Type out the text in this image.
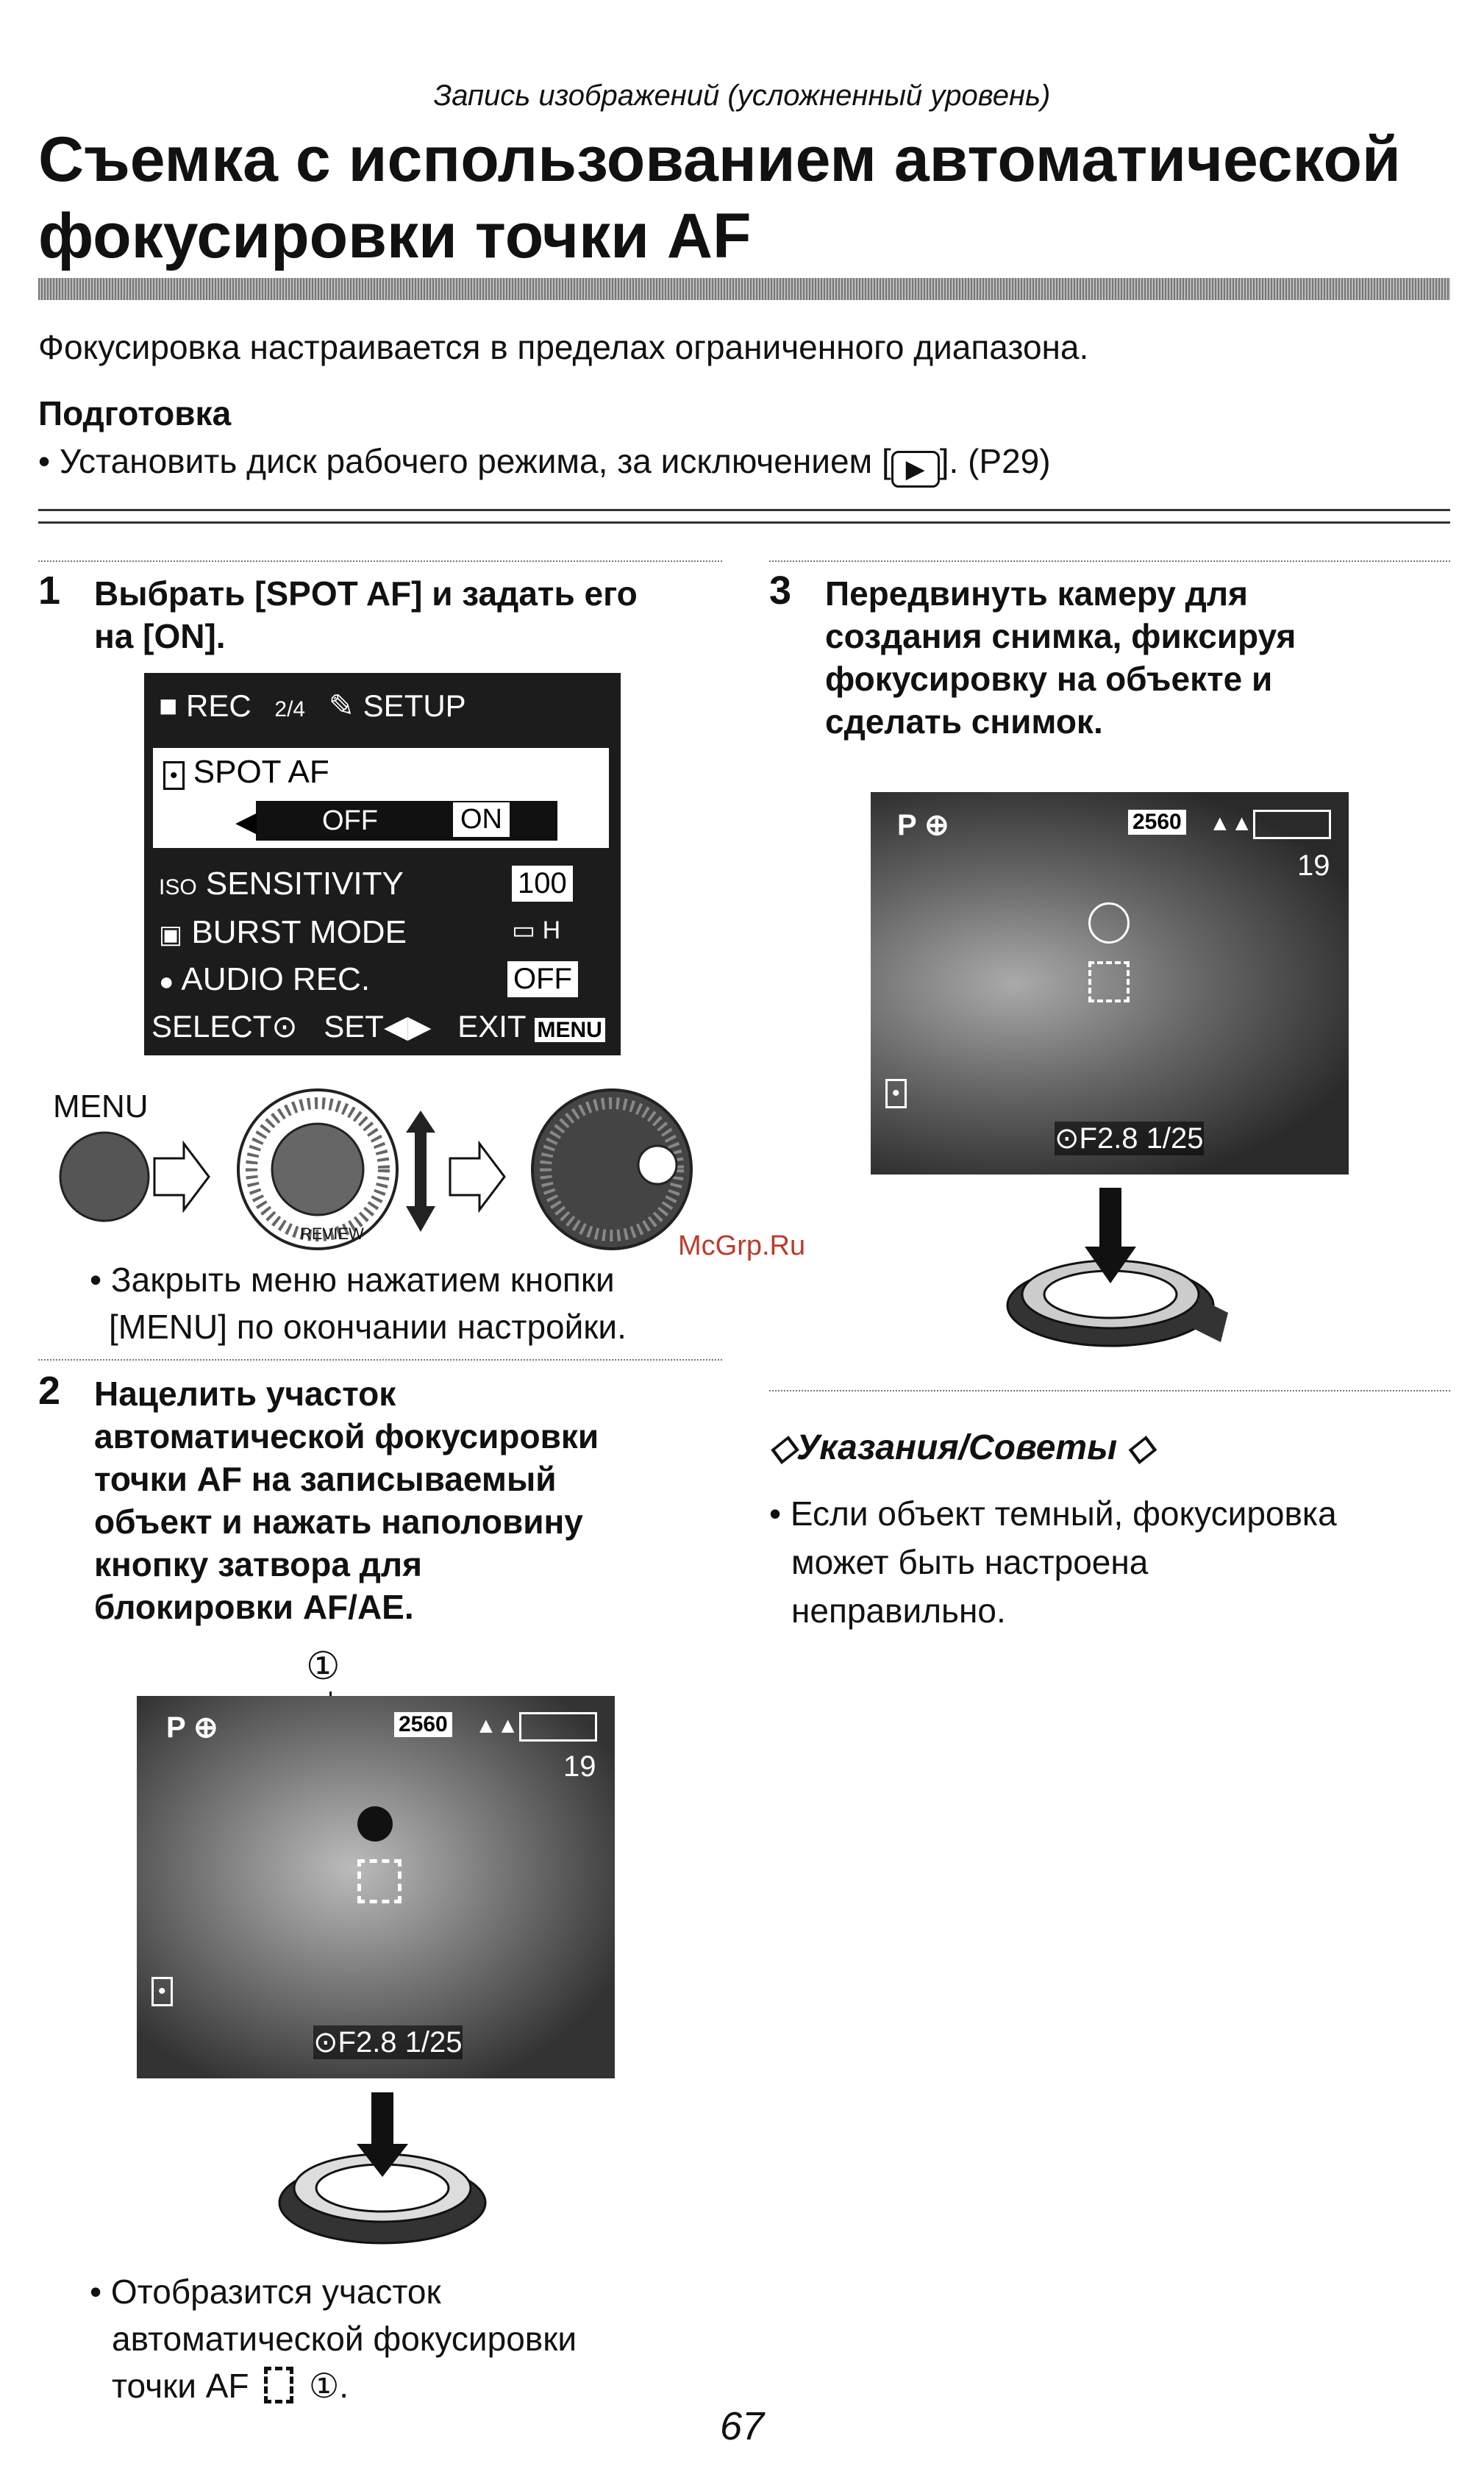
Запись изображений (усложненный уровень)
Съемка с использованием автоматической
фокусировки точки AF
Фокусировка настраивается в пределах ограниченного диапазона.
Подготовка
• Установить диск рабочего режима, за исключением [ ▶ ]. (P29)
1 Выбрать [SPOT AF] и задать его
на [ON].
■ REC 2/4 ✎ SETUP
• SPOT AF
◀ OFF	ON
ISO SENSITIVITY	100
▣ BURST MODE	▭ H
● AUDIO REC.	OFF
SELECT⊙ SET◀▶ EXIT MENU
MENU
REVIEW
• Закрыть меню нажатием кнопки
[MENU] по окончании настройки.
McGrp.Ru
2 Нацелить участок
автоматической фокусировки
точки AF на записываемый
объект и нажать наполовину
кнопку затвора для
блокировки AF/AE.
①
P ⊕	2560 ▲▲
19
•
⊙F2.8 1/25
• Отобразится участок
автоматической фокусировки
точки AF ①.
3 Передвинуть камеру для
создания снимка, фиксируя
фокусировку на объекте и
сделать снимок.
P ⊕	2560 ▲▲
19
•
⊙F2.8 1/25
◇Указания/Советы ◇
• Если объект темный, фокусировка
может быть настроена
неправильно.
67
